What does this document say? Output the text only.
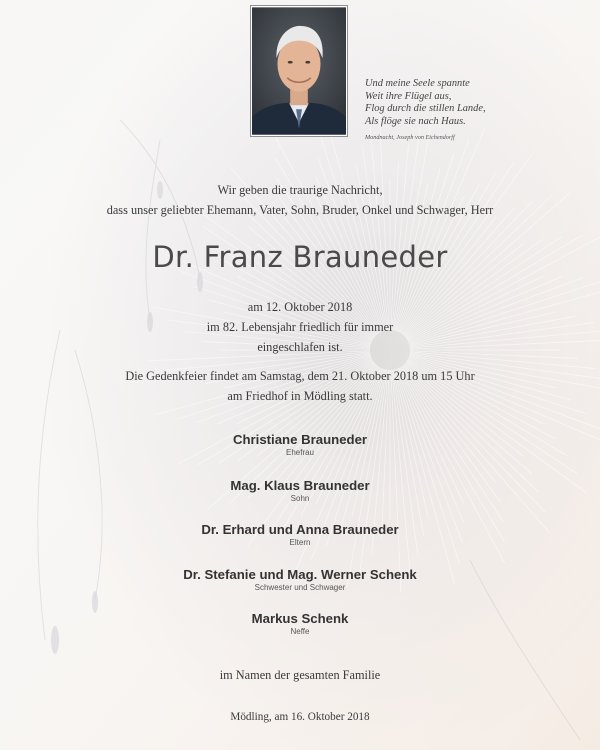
Und meine Seele spannte
Weit ihre Flügel aus,
Flog durch die stillen Lande,
Als flöge sie nach Haus.
Mondnacht, Joseph von Eichendorff
Wir geben die traurige Nachricht,
dass unser geliebter Ehemann, Vater, Sohn, Bruder, Onkel und Schwager, Herr
Dr. Franz Brauneder
am 12. Oktober 2018
im 82. Lebensjahr friedlich für immer
eingeschlafen ist.
Die Gedenkfeier findet am Samstag, dem 21. Oktober 2018 um 15 Uhr
am Friedhof in Mödling statt.
Christiane Brauneder
Ehefrau
Mag. Klaus Brauneder
Sohn
Dr. Erhard und Anna Brauneder
Eltern
Dr. Stefanie und Mag. Werner Schenk
Schwester und Schwager
Markus Schenk
Neffe
im Namen der gesamten Familie
Mödling, am 16. Oktober 2018
